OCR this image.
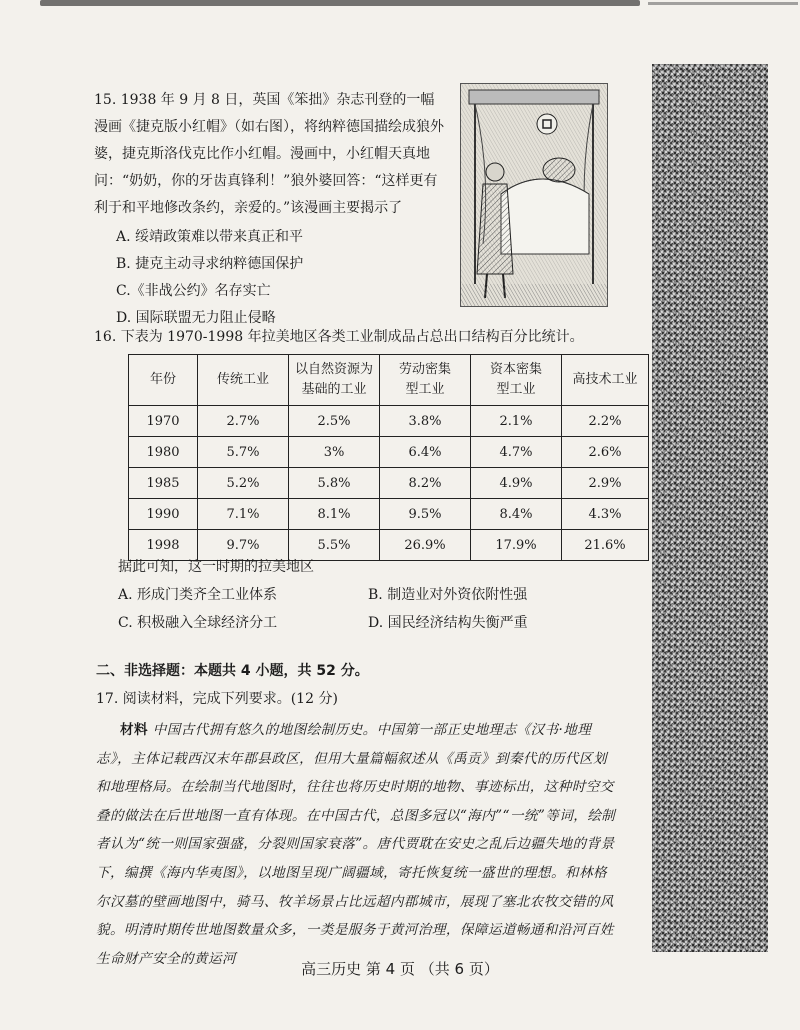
15. 1938 年 9 月 8 日，英国《笨拙》杂志刊登的一幅漫画《捷克版小红帽》（如右图），将纳粹德国描绘成狼外婆，捷克斯洛伐克比作小红帽。漫画中，小红帽天真地问：“奶奶，你的牙齿真锋利！”狼外婆回答：“这样更有利于和平地修改条约，亲爱的。”该漫画主要揭示了
A. 绥靖政策难以带来真正和平
B. 捷克主动寻求纳粹德国保护
C.《非战公约》名存实亡
D. 国际联盟无力阻止侵略
16. 下表为 1970-1998 年拉美地区各类工业制成品占总出口结构百分比统计。
年份	传统工业	以自然资源为基础的工业	劳动密集型工业	资本密集型工业	高技术工业
1970	2.7%	2.5%	3.8%	2.1%	2.2%
1980	5.7%	3%	6.4%	4.7%	2.6%
1985	5.2%	5.8%	8.2%	4.9%	2.9%
1990	7.1%	8.1%	9.5%	8.4%	4.3%
1998	9.7%	5.5%	26.9%	17.9%	21.6%
据此可知，这一时期的拉美地区
A. 形成门类齐全工业体系	B. 制造业对外资依附性强
C. 积极融入全球经济分工	D. 国民经济结构失衡严重
二、非选择题：本题共 4 小题，共 52 分。
17. 阅读材料，完成下列要求。(12 分)
材料 中国古代拥有悠久的地图绘制历史。中国第一部正史地理志《汉书·地理志》，主体记载西汉末年郡县政区，但用大量篇幅叙述从《禹贡》到秦代的历代区划和地理格局。在绘制当代地图时，往往也将历史时期的地物、事迹标出，这种时空交叠的做法在后世地图一直有体现。在中国古代，总图多冠以“海内”“一统”等词，绘制者认为“统一则国家强盛，分裂则国家衰落”。唐代贾耽在安史之乱后边疆失地的背景下，编撰《海内华夷图》，以地图呈现广阔疆域，寄托恢复统一盛世的理想。和林格尔汉墓的壁画地图中，骑马、牧羊场景占比远超内郡城市，展现了塞北农牧交错的风貌。明清时期传世地图数量众多，一类是服务于黄河治理，保障运道畅通和沿河百姓生命财产安全的黄运河
高三历史 第 4 页 （共 6 页）
